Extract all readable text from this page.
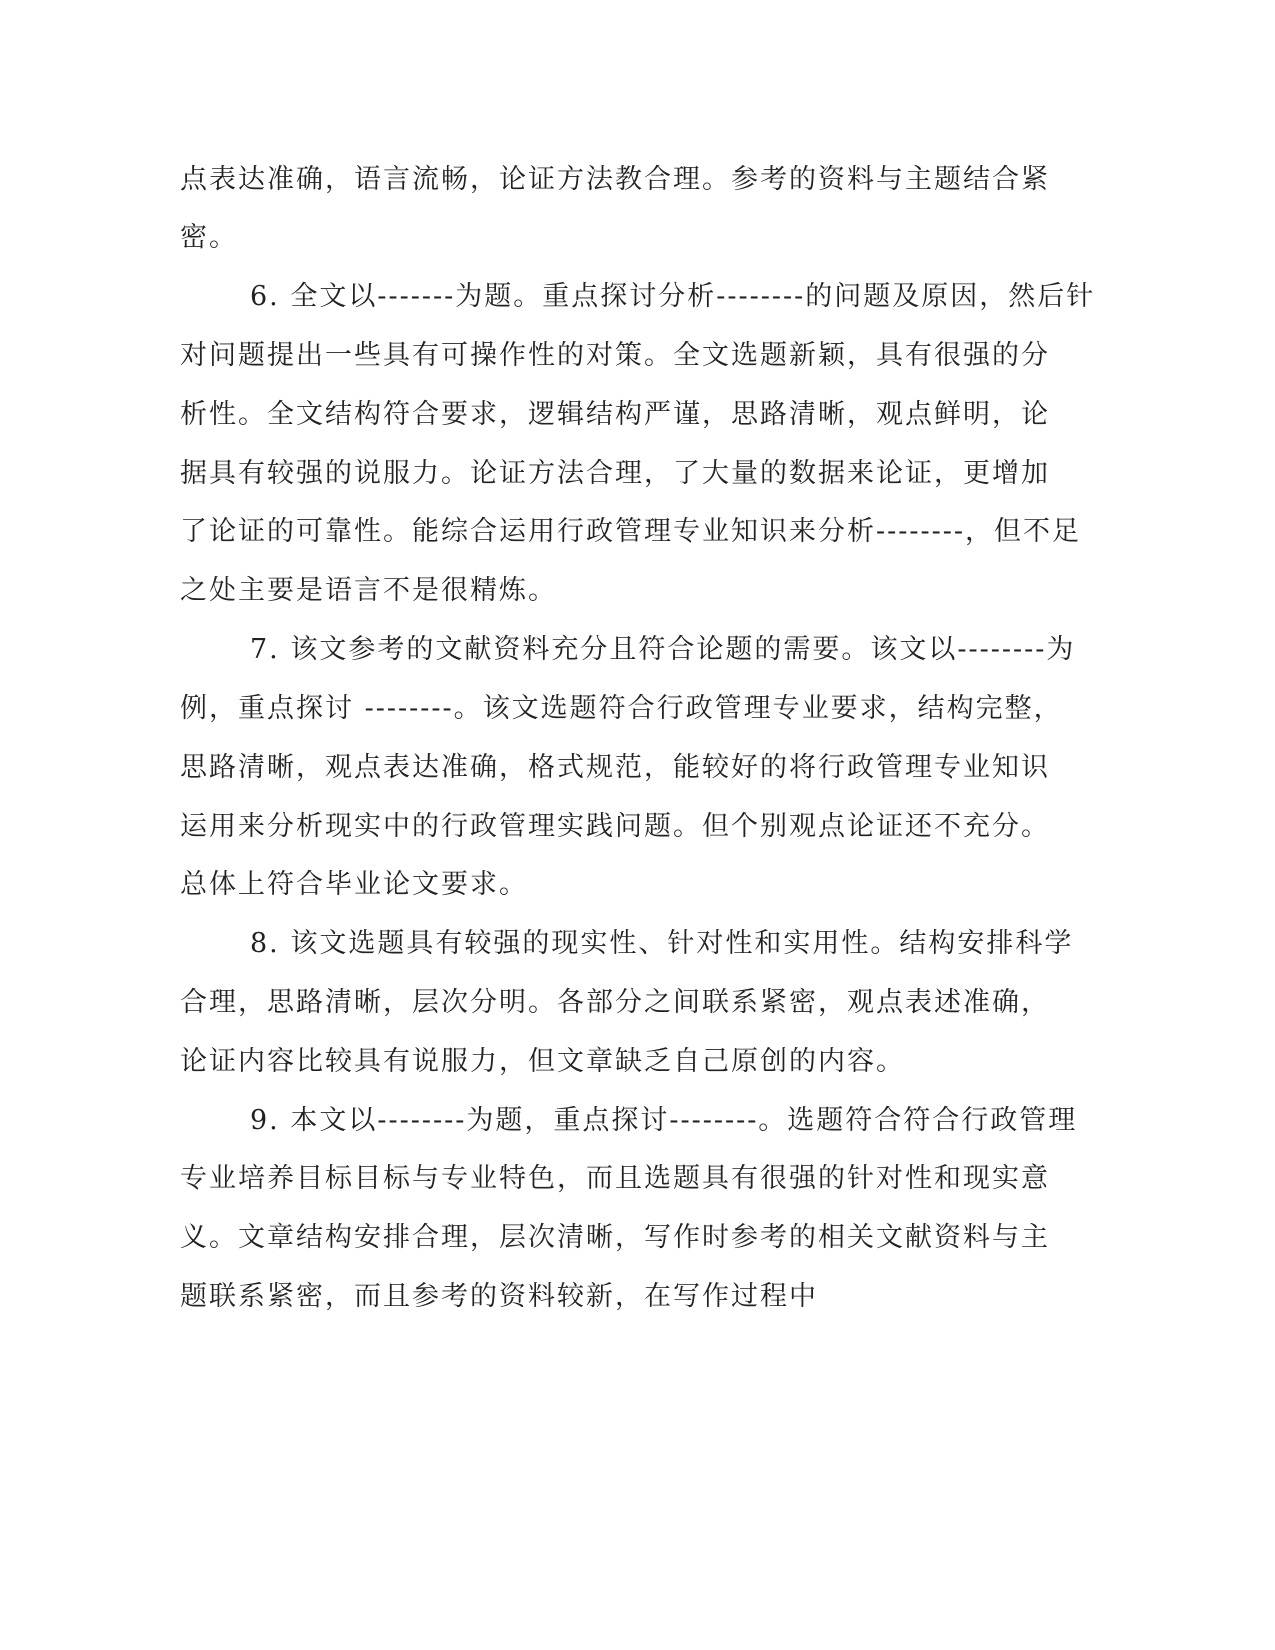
点表达准确，语言流畅，论证方法教合理。参考的资料与主题结合紧
密。
6. 全文以-------为题。重点探讨分析--------的问题及原因，然后针
对问题提出一些具有可操作性的对策。全文选题新颖，具有很强的分
析性。全文结构符合要求，逻辑结构严谨，思路清晰，观点鲜明，论
据具有较强的说服力。论证方法合理，了大量的数据来论证，更增加
了论证的可靠性。能综合运用行政管理专业知识来分析--------，但不足
之处主要是语言不是很精炼。
7. 该文参考的文献资料充分且符合论题的需要。该文以--------为
例，重点探讨 --------。该文选题符合行政管理专业要求，结构完整，
思路清晰，观点表达准确，格式规范，能较好的将行政管理专业知识
运用来分析现实中的行政管理实践问题。但个别观点论证还不充分。
总体上符合毕业论文要求。
8. 该文选题具有较强的现实性、针对性和实用性。结构安排科学
合理，思路清晰，层次分明。各部分之间联系紧密，观点表述准确，
论证内容比较具有说服力，但文章缺乏自己原创的内容。
9. 本文以--------为题，重点探讨--------。选题符合符合行政管理
专业培养目标目标与专业特色，而且选题具有很强的针对性和现实意
义。文章结构安排合理，层次清晰，写作时参考的相关文献资料与主
题联系紧密，而且参考的资料较新，在写作过程中
